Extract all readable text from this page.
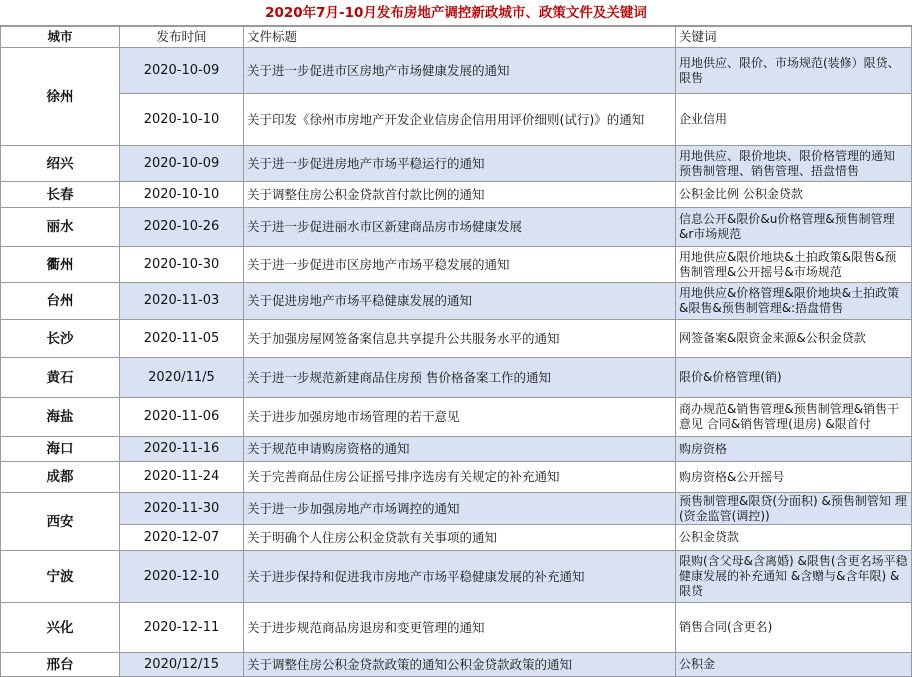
2020年7月-10月发布房地产调控新政城市、政策文件及关键词
城市	发布时间	文件标题	关键词
徐州	2020-10-09	关于进一步促进市区房地产市场健康发展的通知	用地供应、限价、市场规范(装修）限贷、限售
	2020-10-10	关于印发《徐州市房地产开发企业信房企信用用评价细则(试行)》的通知	企业信用
绍兴	2020-10-09	关于进一步促进房地产市场平稳运行的通知	用地供应、限价地块、限价格管理的通知 预售制管理、销售管理、捂盘惜售
长春	2020-10-10	关于调整住房公积金贷款首付款比例的通知	公积金比例 公积金贷款
丽水	2020-10-26	关于进一步促进丽水市区新建商品房市场健康发展	信息公开&限价&u价格管理&预售制管理&r市场规范
衢州	2020-10-30	关于进一步促进市区房地产市场平稳发展的通知	用地供应&限价地块&土拍政策&限售&预售制管理&公开摇号&市场规范
台州	2020-11-03	关于促进房地产市场平稳健康发展的通知	用地供应&价格管理&限价地块&土拍政策&限售&预售制管理&:捂盘惜售
长沙	2020-11-05	关于加强房屋网签备案信息共享提升公共服务水平的通知	网签备案&限资金来源&公积金贷款
黄石	2020/11/5	关于进一步规范新建商品住房预 售价格备案工作的通知	限价&价格管理(销)
海盐	2020-11-06	关于进步加强房地市场管理的若干意见	商办规范&销售管理&预售制管理&销售干意见 合同&销售管理(退房) &限首付
海口	2020-11-16	关于规范申请购房资格的通知	购房资格
成都	2020-11-24	关于完善商品住房公证摇号排序选房有关规定的补充通知	购房资格&公开摇号
西安	2020-11-30	关于进一步加强房地产市场调控的通知	预售制管理&限贷(分面积) &预售制管知 理(资金监管(调控))
	2020-12-07	关于明确个人住房公积金贷款有关事项的通知	公积金贷款
宁波	2020-12-10	关于进步保持和促进我市房地产市场平稳健康发展的补充通知	限购(含父母&含离婚) &限售(含更名场平稳健康发展的补充通知 &含赠与&含年限) &限贷
兴化	2020-12-11	关于进步规范商品房退房和变更管理的通知	销售合同(含更名)
邢台	2020/12/15	关于调整住房公积金贷款政策的通知公积金贷款政策的通知	公积金
